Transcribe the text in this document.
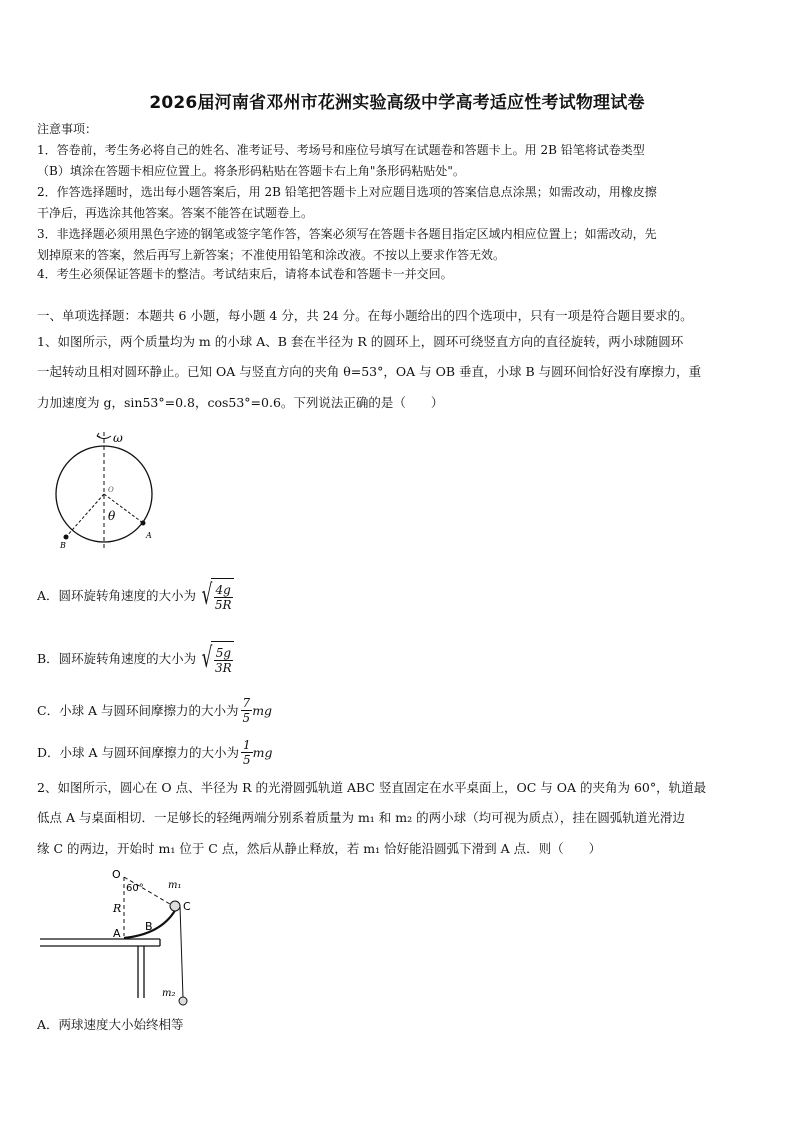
2026届河南省邓州市花洲实验高级中学高考适应性考试物理试卷
注意事项：
1．答卷前，考生务必将自己的姓名、准考证号、考场号和座位号填写在试题卷和答题卡上。用 2B 铅笔将试卷类型
（B）填涂在答题卡相应位置上。将条形码粘贴在答题卡右上角"条形码粘贴处"。
2．作答选择题时，选出每小题答案后，用 2B 铅笔把答题卡上对应题目选项的答案信息点涂黑；如需改动，用橡皮擦
干净后，再选涂其他答案。答案不能答在试题卷上。
3．非选择题必须用黑色字迹的钢笔或签字笔作答，答案必须写在答题卡各题目指定区域内相应位置上；如需改动，先
划掉原来的答案，然后再写上新答案；不准使用铅笔和涂改液。不按以上要求作答无效。
4．考生必须保证答题卡的整洁。考试结束后，请将本试卷和答题卡一并交回。
一、单项选择题：本题共 6 小题，每小题 4 分，共 24 分。在每小题给出的四个选项中，只有一项是符合题目要求的。
1、如图所示，两个质量均为 m 的小球 A、B 套在半径为 R 的圆环上，圆环可绕竖直方向的直径旋转，两小球随圆环
一起转动且相对圆环静止。已知 OA 与竖直方向的夹角 θ=53°，OA 与 OB 垂直，小球 B 与圆环间恰好没有摩擦力，重
力加速度为 g，sin53°=0.8，cos53°=0.6。下列说法正确的是（　　）
ω
θ
O
A
B
A．圆环旋转角速度的大小为 √ $\frac{4g}{5R}$
B．圆环旋转角速度的大小为 √ $\frac{5g}{3R}$
C．小球 A 与圆环间摩擦力的大小为 $\frac{7}{5}$ mg
D．小球 A 与圆环间摩擦力的大小为 $\frac{1}{5}$ mg
2、如图所示，圆心在 O 点、半径为 R 的光滑圆弧轨道 ABC 竖直固定在水平桌面上，OC 与 OA 的夹角为 60°，轨道最
低点 A 与桌面相切．一足够长的轻绳两端分别系着质量为 m₁ 和 m₂ 的两小球（均可视为质点），挂在圆弧轨道光滑边
缘 C 的两边，开始时 m₁ 位于 C 点，然后从静止释放，若 m₁ 恰好能沿圆弧下滑到 A 点．则（　　）
O
60°
R
A
B
C
m₁
m₂
A．两球速度大小始终相等
